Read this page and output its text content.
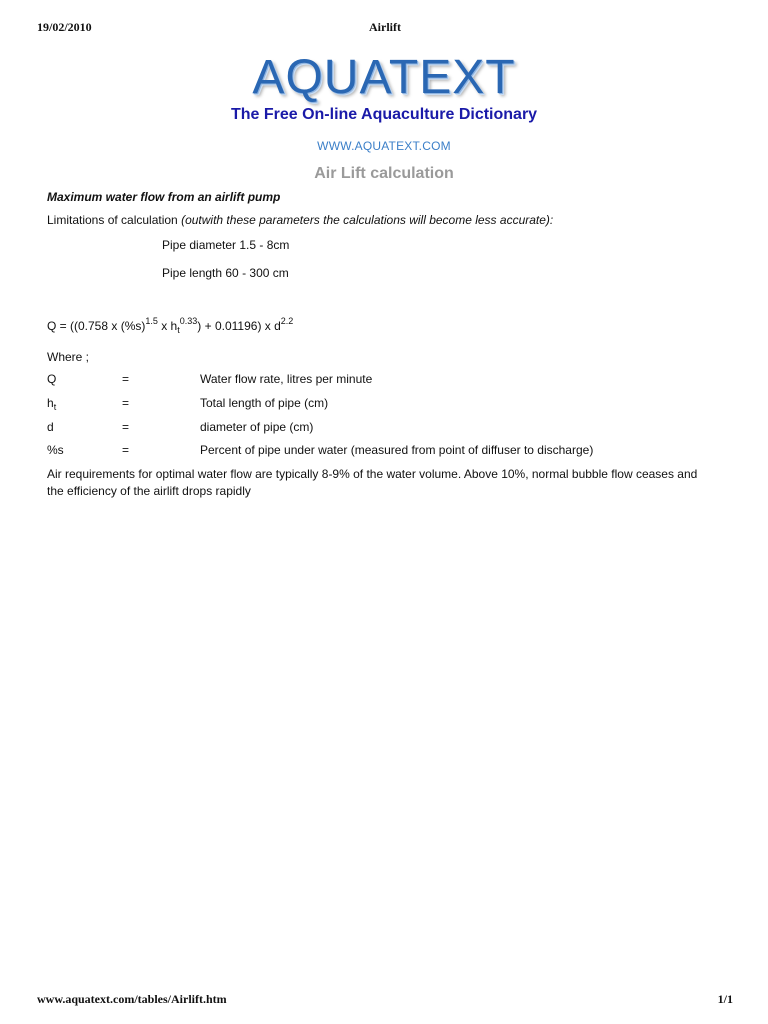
19/02/2010	Airlift
AQUATEXT
The Free On-line Aquaculture Dictionary
WWW.AQUATEXT.COM
Air Lift calculation
Maximum water flow from an airlift pump
Limitations of calculation (outwith these parameters the calculations will become less accurate):
Pipe diameter 1.5 - 8cm
Pipe length 60 - 300 cm
Q = ((0.758 x $(\%s)^{1.5}$ x $h_t^{0.33}) + 0.01196$) x $d^{2.2}$
Where ;
Q	=	Water flow rate, litres per minute
$h_t$	=	Total length of pipe (cm)
d	=	diameter of pipe (cm)
%s	=	Percent of pipe under water (measured from point of diffuser to discharge)
Air requirements for optimal water flow are typically 8-9% of the water volume. Above 10%, normal bubble flow ceases and the efficiency of the airlift drops rapidly
www.aquatext.com/tables/Airlift.htm	1/1
